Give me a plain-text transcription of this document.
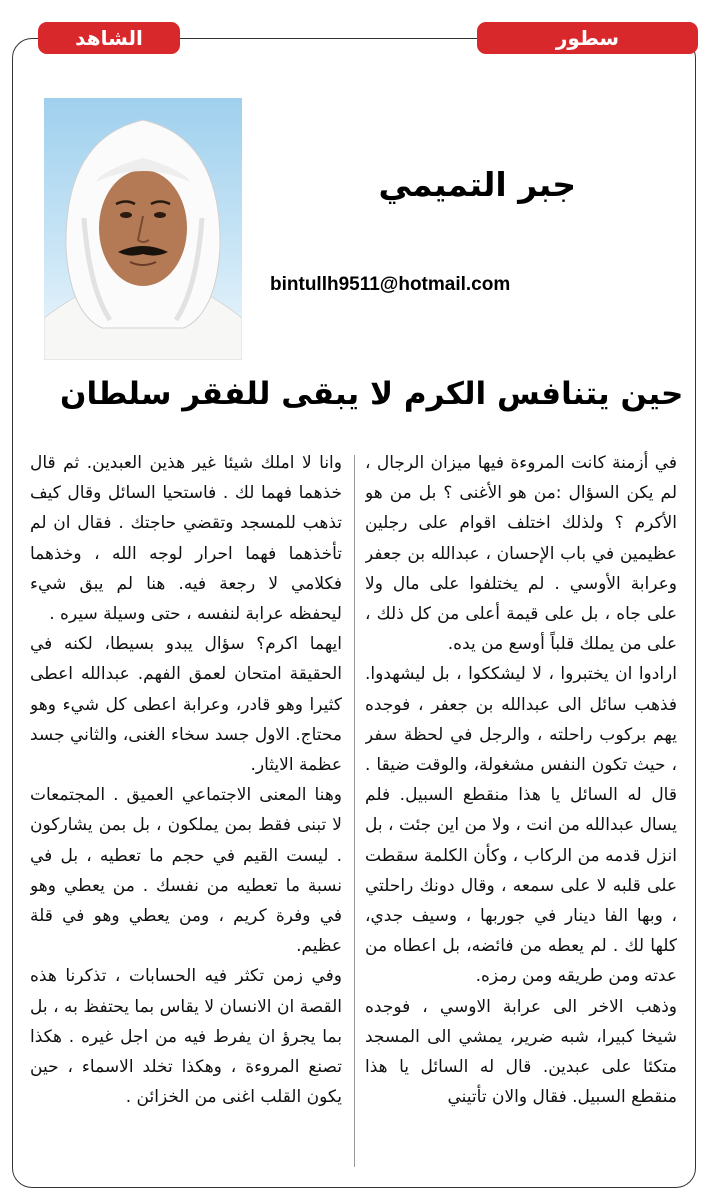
سطور
الشاهد
جبر التميمي
bintullh9511@hotmail.com
حين يتنافس الكرم لا يبقى للفقر سلطان

في أزمنة كانت المروءة فيها ميزان الرجال ، لم يكن السؤال :من هو الأغنى ؟ بل من هو الأكرم ؟ ولذلك اختلف اقوام على رجلين عظيمين في باب الإحسان ، عبدالله بن جعفر وعرابة الأوسي . لم يختلفوا على مال ولا على جاه ، بل على قيمة أعلى من كل ذلك ، على من يملك قلباً أوسع من يده.

ارادوا ان يختبروا ، لا ليشككوا ، بل ليشهدوا. فذهب سائل الى عبدالله بن جعفر ، فوجده يهم بركوب راحلته ، والرجل في لحظة سفر ، حيث تكون النفس مشغولة، والوقت ضيقا . قال له السائل يا هذا منقطع السبيل. فلم يسال عبدالله من انت ، ولا من اين جئت ، بل انزل قدمه من الركاب ، وكأن الكلمة سقطت على قلبه لا على سمعه ، وقال دونك راحلتي ، وبها الفا دينار في جوربها ، وسيف جدي، كلها لك . لم يعطه من فائضه، بل اعطاه من عدته ومن طريقه ومن رمزه.

وذهب الاخر الى عرابة الاوسي ، فوجده شيخا كبيرا، شبه ضرير، يمشي الى المسجد متكئا على عبدين. قال له السائل يا هذا منقطع السبيل. فقال والان تأتيني

وانا لا املك شيئا غير هذين العبدين. ثم قال خذهما فهما لك . فاستحيا السائل وقال كيف تذهب للمسجد وتقضي حاجتك . فقال ان لم تأخذهما فهما احرار لوجه الله ، وخذهما فكلامي لا رجعة فيه. هنا لم يبق شيء ليحفظه عرابة لنفسه ، حتى وسيلة سيره .

ايهما اكرم؟ سؤال يبدو بسيطا، لكنه في الحقيقة امتحان لعمق الفهم. عبدالله اعطى كثيرا وهو قادر، وعرابة اعطى كل شيء وهو محتاج. الاول جسد سخاء الغنى، والثاني جسد عظمة الايثار.

وهنا المعنى الاجتماعي العميق . المجتمعات لا تبنى فقط بمن يملكون ، بل بمن يشاركون . ليست القيم في حجم ما تعطيه ، بل في نسبة ما تعطيه من نفسك . من يعطي وهو في وفرة كريم ، ومن يعطي وهو في قلة عظيم.

وفي زمن تكثر فيه الحسابات ، تذكرنا هذه القصة ان الانسان لا يقاس بما يحتفظ به ، بل بما يجرؤ ان يفرط فيه من اجل غيره . هكذا تصنع المروءة ، وهكذا تخلد الاسماء ، حين يكون القلب اغنى من الخزائن .
